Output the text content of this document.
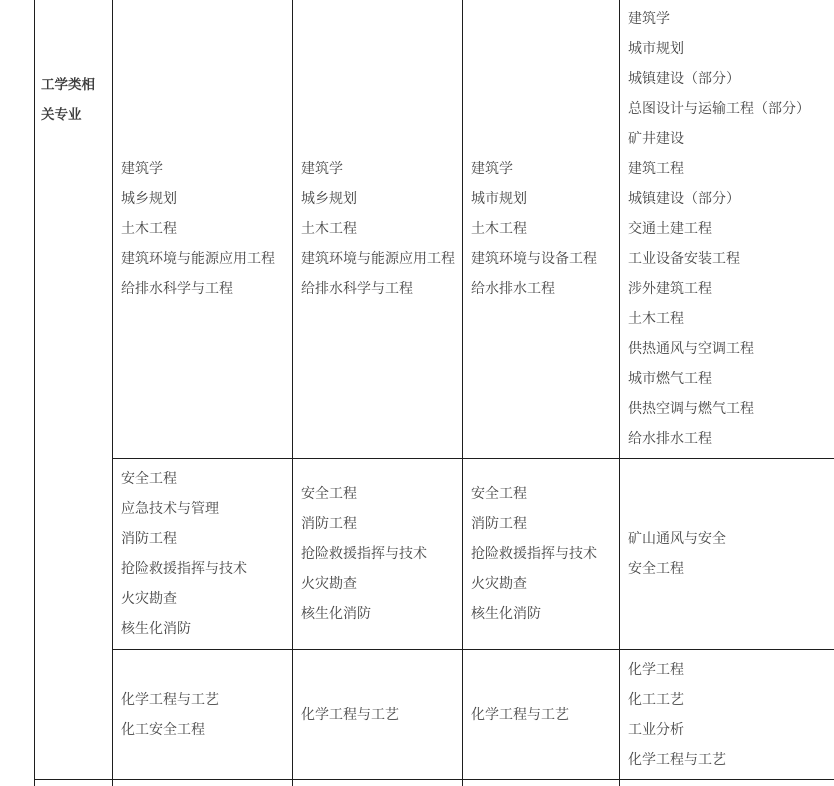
工学类相
关专业
建筑学
城乡规划
土木工程
建筑环境与能源应用工程
给排水科学与工程
建筑学
城乡规划
土木工程
建筑环境与能源应用工程
给排水科学与工程
建筑学
城市规划
土木工程
建筑环境与设备工程
给水排水工程
建筑学
城市规划
城镇建设（部分）
总图设计与运输工程（部分）
矿井建设
建筑工程
城镇建设（部分）
交通土建工程
工业设备安装工程
涉外建筑工程
土木工程
供热通风与空调工程
城市燃气工程
供热空调与燃气工程
给水排水工程
安全工程
应急技术与管理
消防工程
抢险救援指挥与技术
火灾勘查
核生化消防
安全工程
消防工程
抢险救援指挥与技术
火灾勘查
核生化消防
安全工程
消防工程
抢险救援指挥与技术
火灾勘查
核生化消防
矿山通风与安全
安全工程
化学工程与工艺
化工安全工程
化学工程与工艺	化学工程与工艺
化学工程
化工工艺
工业分析
化学工程与工艺
